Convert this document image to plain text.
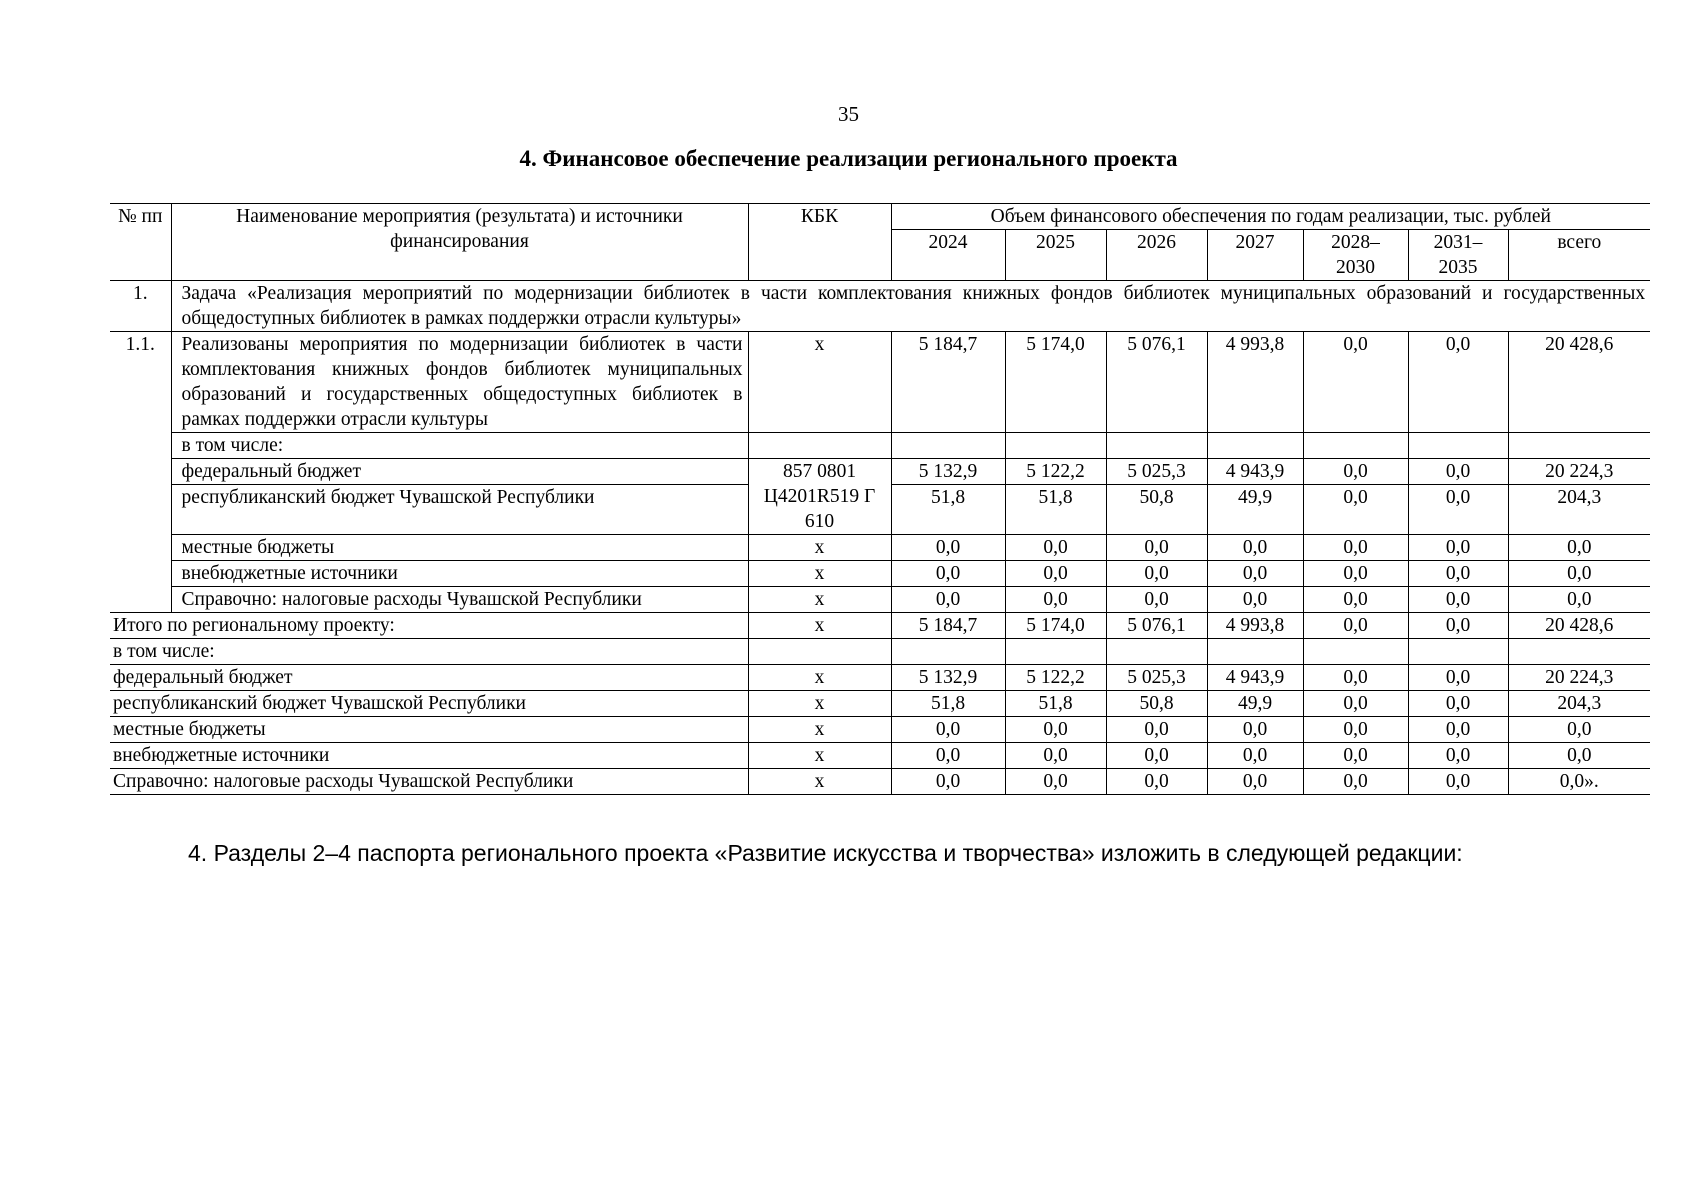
35
4. Финансовое обеспечение реализации регионального проекта
№ пп	Наименование мероприятия (результата) и источники финансирования	КБК	Объем финансового обеспечения по годам реализации, тыс. рублей						
			2024	2025	2026	2027	2028–2030	2031–2035	всего

1.	Задача «Реализация мероприятий по модернизации библиотек в части комплектования книжных фондов библиотек муниципальных образований и государственных общедоступных библиотек в рамках поддержки отрасли культуры»								
1.1.	Реализованы мероприятия по модернизации библиотек в части комплектования книжных фондов библиотек муниципальных образований и государственных общедоступных библиотек в рамках поддержки отрасли культуры	x	5 184,7	5 174,0	5 076,1	4 993,8	0,0	0,0	20 428,6
	в том числе:								
	федеральный бюджет	857 0801 Ц4201R519 Г 610	5 132,9	5 122,2	5 025,3	4 943,9	0,0	0,0	20 224,3
	республиканский бюджет Чувашской Республики		51,8	51,8	50,8	49,9	0,0	0,0	204,3
	местные бюджеты	x	0,0	0,0	0,0	0,0	0,0	0,0	0,0
	внебюджетные источники	x	0,0	0,0	0,0	0,0	0,0	0,0	0,0
	Справочно: налоговые расходы Чувашской Республики	x	0,0	0,0	0,0	0,0	0,0	0,0	0,0
Итого по региональному проекту:		x	5 184,7	5 174,0	5 076,1	4 993,8	0,0	0,0	20 428,6
в том числе:									
федеральный бюджет		x	5 132,9	5 122,2	5 025,3	4 943,9	0,0	0,0	20 224,3
республиканский бюджет Чувашской Республики		x	51,8	51,8	50,8	49,9	0,0	0,0	204,3
местные бюджеты		x	0,0	0,0	0,0	0,0	0,0	0,0	0,0
внебюджетные источники		x	0,0	0,0	0,0	0,0	0,0	0,0	0,0
Справочно: налоговые расходы Чувашской Республики		x	0,0	0,0	0,0	0,0	0,0	0,0	0,0».
4. Разделы 2–4 паспорта регионального проекта «Развитие искусства и творчества» изложить в следующей редакции:
